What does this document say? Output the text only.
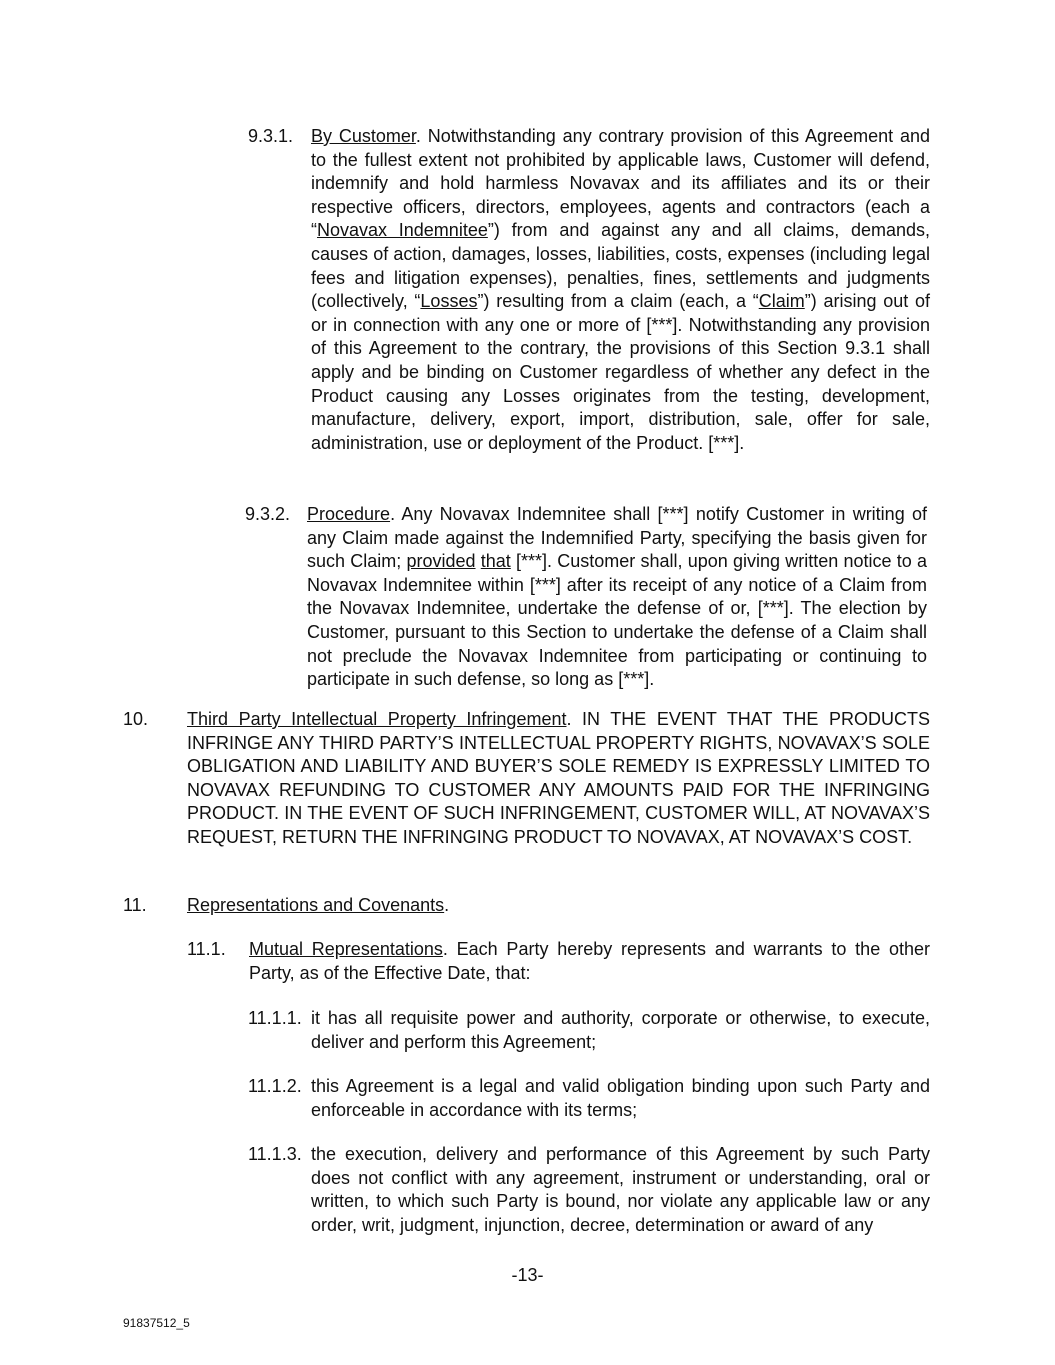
9.3.1. By Customer. Notwithstanding any contrary provision of this Agreement and to the fullest extent not prohibited by applicable laws, Customer will defend, indemnify and hold harmless Novavax and its affiliates and its or their respective officers, directors, employees, agents and contractors (each a “Novavax Indemnitee”) from and against any and all claims, demands, causes of action, damages, losses, liabilities, costs, expenses (including legal fees and litigation expenses), penalties, fines, settlements and judgments (collectively, “Losses”) resulting from a claim (each, a “Claim”) arising out of or in connection with any one or more of [***]. Notwithstanding any provision of this Agreement to the contrary, the provisions of this Section 9.3.1 shall apply and be binding on Customer regardless of whether any defect in the Product causing any Losses originates from the testing, development, manufacture, delivery, export, import, distribution, sale, offer for sale, administration, use or deployment of the Product. [***].
9.3.2. Procedure. Any Novavax Indemnitee shall [***] notify Customer in writing of any Claim made against the Indemnified Party, specifying the basis given for such Claim; provided that [***]. Customer shall, upon giving written notice to a Novavax Indemnitee within [***] after its receipt of any notice of a Claim from the Novavax Indemnitee, undertake the defense of or, [***]. The election by Customer, pursuant to this Section to undertake the defense of a Claim shall not preclude the Novavax Indemnitee from participating or continuing to participate in such defense, so long as [***].
10. Third Party Intellectual Property Infringement. IN THE EVENT THAT THE PRODUCTS INFRINGE ANY THIRD PARTY’S INTELLECTUAL PROPERTY RIGHTS, NOVAVAX’S SOLE OBLIGATION AND LIABILITY AND BUYER’S SOLE REMEDY IS EXPRESSLY LIMITED TO NOVAVAX REFUNDING TO CUSTOMER ANY AMOUNTS PAID FOR THE INFRINGING PRODUCT. IN THE EVENT OF SUCH INFRINGEMENT, CUSTOMER WILL, AT NOVAVAX’S REQUEST, RETURN THE INFRINGING PRODUCT TO NOVAVAX, AT NOVAVAX’S COST.
11. Representations and Covenants.
11.1. Mutual Representations. Each Party hereby represents and warrants to the other Party, as of the Effective Date, that:
11.1.1. it has all requisite power and authority, corporate or otherwise, to execute, deliver and perform this Agreement;
11.1.2. this Agreement is a legal and valid obligation binding upon such Party and enforceable in accordance with its terms;
11.1.3. the execution, delivery and performance of this Agreement by such Party does not conflict with any agreement, instrument or understanding, oral or written, to which such Party is bound, nor violate any applicable law or any order, writ, judgment, injunction, decree, determination or award of any
-13-
91837512_5
